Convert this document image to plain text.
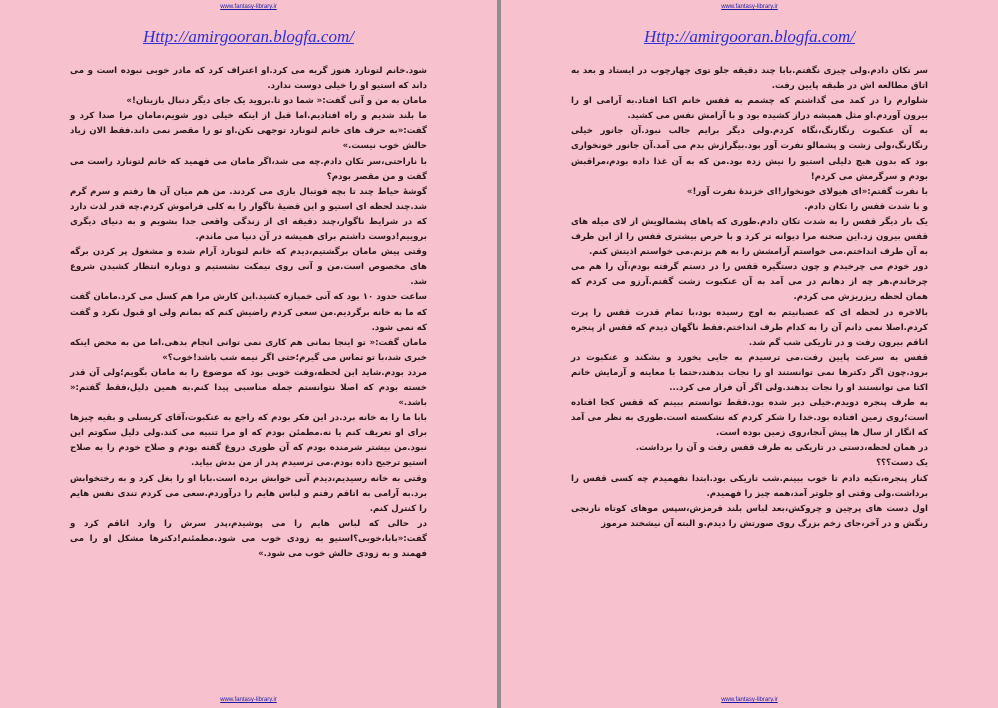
www.fantasy-library.ir
Http://amirgooran.blogfa.com/

شود.خانم لتونارد هنوز گریه می کرد.او اعتراف کرد که مادر خوبی نبوده است و می داند که استیو او را خیلی دوست ندارد.

مامان به من و آنی گفت:« شما دو تا.بروید یک جای دیگر دنبال بازیتان!»

ما بلند شدیم و راه افتادیم.اما قبل از اینکه خیلی دور شویم،مامان مرا صدا کرد و گفت:«به حرف های خانم لتونارد توجهی نکن.او تو را مقصر نمی داند.فقط الان زیاد حالش خوب نیست.»

با ناراحتی،سر تکان دادم.چه می شد،اگر مامان می فهمید که خانم لتونارد راست می گفت و من مقصر بودم؟

گوشهٔ حیاط چند تا بچه فوتبال بازی می کردند. من هم میان آن ها رفتم و سرم گرم شد.چند لحظه ای استیو و این قضیهٔ ناگوار را به کلی فراموش کردم.چه قدر لذت دارد که در شرایط ناگوار،چند دقیقه ای از زندگی واقعی جدا بشویم و به دنیای دیگری بروییم!دوست داشتم برای همیشه در آن دنیا می ماندم.

وقتی پیش مامان برگشتیم،دیدم که خانم لتونارد آرام شده و مشغول پر کردن برگه های مخصوص است.من و آنی روی نیمکت نشستیم و دوباره انتظار کشیدن شروع شد.

ساعت حدود ۱۰ بود که آنی خمیازه کشید.این کارش مرا هم کسل می کرد.مامان گفت که ما به خانه برگردیم.من سعی کردم راضیش کنم که بمانم ولی او قبول نکرد و گفت که نمی شود.

مامان گفت:« تو اینجا بمانی هم کاری نمی توانی انجام بدهی.اما من به محض اینکه خبری شد،با تو تماس می گیرم؛حتی اگر نیمه شب باشد!خوب؟»

مردد بودم.شاید این لحظه،وقت خوبی بود که موضوع را به مامان بگویم؛ولی آن قدر خسته بودم که اصلا نتوانستم جمله مناسبی پیدا کنم.به همین دلیل،فقط گفتم:« باشد.»

بابا ما را به خانه برد.در این فکر بودم که راجع به عنکبوت،آقای کریسلی و بقیه چیزها برای او تعریف کنم یا نه.مطمئن بودم که او مرا تنبیه می کند.ولی دلیل سکوتم این نبود.من بیشتر شرمنده بودم که آن طوری دروغ گفته بودم و صلاح خودم را به صلاح استیو ترجیح داده بودم.می ترسیدم پدر از من بدش بیاید.

وقتی به خانه رسیدیم،دیدم آنی خوابش برده است.بابا او را بغل کرد و به رختخوابش برد.به آرامی به اتاقم رفتم و لباس هایم را درآوردم.سعی می کردم تندی نفس هایم را کنترل کنم.

در حالی که لباس هایم را می پوشیدم،پدر سرش را وارد اتاقم کرد و گفت:«بابا،خوبی؟استیو به زودی خوب می شود.مطمئنم!دکترها مشکل او را می فهمند و به زودی حالش خوب می شود.»

www.fantasy-library.ir
www.fantasy-library.ir
Http://amirgooran.blogfa.com/

سر تکان دادم.ولی چیزی نگفتم.بابا چند دقیقه جلو توی چهارچوب در ایستاد و بعد به اتاق مطالعه اش در طبقه پایین رفت.

شلوارم را در کمد می گذاشتم که چشمم به قفس خانم اکتا افتاد.به آرامی او را بیرون آوردم.او مثل همیشه دراز کشیده بود و با آرامش نفس می کشید.

به آن عنکبوت رنگارنگ،نگاه کردم.ولی دیگر برایم جالب نبود.آن جانور خیلی رنگارنگ،ولی زشت و پشمالو نفرت آور بود.بیگرازش بدم می آمد.آن جانور خونخواری بود که بدون هیچ دلیلی استیو را نیش زده بود.من که به آن غذا داده بودم،مراقبش بودم و سرگرمش می کردم!

با نفرت گفتم:«ای هیولای خونخوار!ای خزندهٔ نفرت آور!»

و با شدت قفس را تکان دادم.

یک بار دیگر قفس را به شدت تکان دادم.طوری که پاهای پشمالویش از لای میله های قفس بیرون زد.این صحنه مرا دیوانه تر کرد و با حرص بیشتری قفس را از این طرف به آن طرف انداختم.می خواستم آرامشش را به هم بزنم.می خواستم اذیتش کنم.

دور خودم می چرخیدم و چون دستگیره قفس را در دستم گرفته بودم،آن را هم می چرخاندم.هر چه از دهانم در می آمد به آن عنکبوت زشت گفتم.آرزو می کردم که همان لحظه ریزریزش می کردم.

بالاخره در لحظه ای که عصبانیتم به اوج رسیده بود،با تمام قدرت قفس را پرت کردم.اصلا نمی دانم آن را به کدام طرف انداختم.فقط ناگهان دیدم که قفس از پنجره اتاقم بیرون رفت و در تاریکی شب گم شد.

قفس به سرعت پایین رفت.می ترسیدم به جایی بخورد و بشکند و عنکبوت در برود.چون اگر دکترها نمی توانستند او را نجات بدهند،حتما با معاینه و آزمایش خانم اکتا می توانستند او را نجات بدهند.ولی اگر آن فرار می کرد...

به طرف پنجره دویدم.خیلی دیر شده بود.فقط توانستم ببینم که قفس کجا افتاده است؛روی زمین افتاده بود.خدا را شکر کردم که نشکسته است.طوری به نظر می آمد که انگار از سال ها پیش آنجا،روی زمین بوده است.

در همان لحظه،دستی در تاریکی به طرف قفس رفت و آن را برداشت.

یک دست؟؟؟

کنار پنجره،تکیه دادم تا خوب ببینم.شب تاریکی بود.ابتدا نفهمیدم چه کسی قفس را برداشت.ولی وقتی او جلوتر آمد،همه چیز را فهمیدم.

اول دست های پرچین و چروکش،بعد لباس بلند قرمزش،سپس موهای کوتاه نارنجی رنگش و در آخر،جای زخم بزرگ روی صورتش را دیدم.و البته آن نیشخند مرموز

www.fantasy-library.ir
